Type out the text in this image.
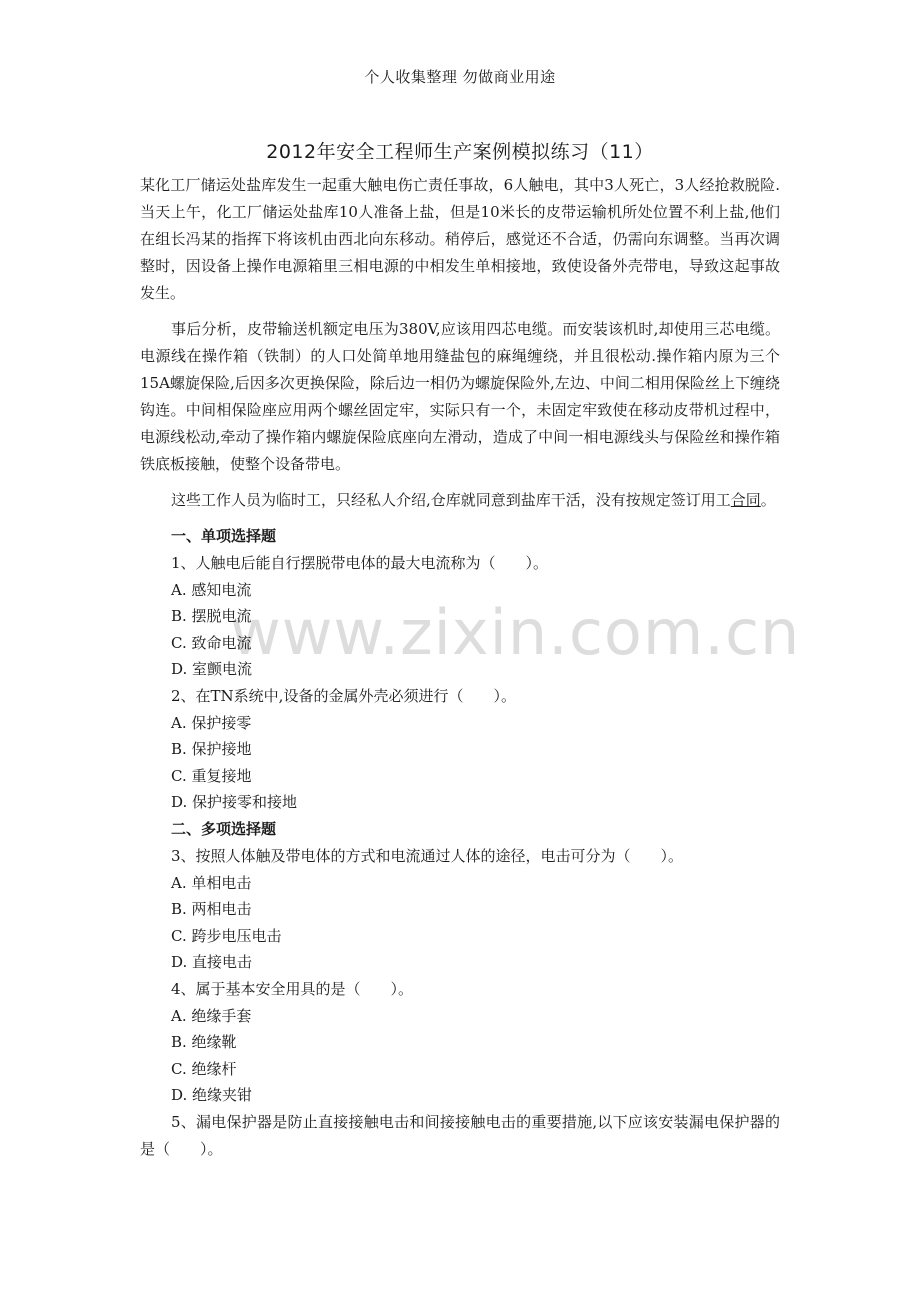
个人收集整理 勿做商业用途
2012年安全工程师生产案例模拟练习（11）
www.zixin.com.cn

某化工厂储运处盐库发生一起重大触电伤亡责任事故，6人触电，其中3人死亡，3人经抢救脱险.当天上午，化工厂储运处盐库10人准备上盐，但是10米长的皮带运输机所处位置不利上盐,他们在组长冯某的指挥下将该机由西北向东移动。稍停后，感觉还不合适，仍需向东调整。当再次调整时，因设备上操作电源箱里三相电源的中相发生单相接地，致使设备外壳带电，导致这起事故发生。

事后分析，皮带输送机额定电压为380V,应该用四芯电缆。而安装该机时,却使用三芯电缆。电源线在操作箱（铁制）的人口处简单地用缝盐包的麻绳缠绕，并且很松动.操作箱内原为三个15A螺旋保险,后因多次更换保险，除后边一相仍为螺旋保险外,左边、中间二相用保险丝上下缠绕钩连。中间相保险座应用两个螺丝固定牢，实际只有一个，未固定牢致使在移动皮带机过程中，电源线松动,牵动了操作箱内螺旋保险底座向左滑动，造成了中间一相电源线头与保险丝和操作箱铁底板接触，使整个设备带电。

这些工作人员为临时工，只经私人介绍,仓库就同意到盐库干活，没有按规定签订用工合同。

一、单项选择题

1、人触电后能自行摆脱带电体的最大电流称为（　　）。

A. 感知电流

B. 摆脱电流

C. 致命电流

D. 室颤电流

2、在TN系统中,设备的金属外壳必须进行（　　）。

A. 保护接零

B. 保护接地

C. 重复接地

D. 保护接零和接地

二、多项选择题

3、按照人体触及带电体的方式和电流通过人体的途径，电击可分为（　　）。

A. 单相电击

B. 两相电击

C. 跨步电压电击

D. 直接电击

4、属于基本安全用具的是（　　）。

A. 绝缘手套

B. 绝缘靴

C. 绝缘杆

D. 绝缘夹钳

5、漏电保护器是防止直接接触电击和间接接触电击的重要措施,以下应该安装漏电保护器的是（　　）。
